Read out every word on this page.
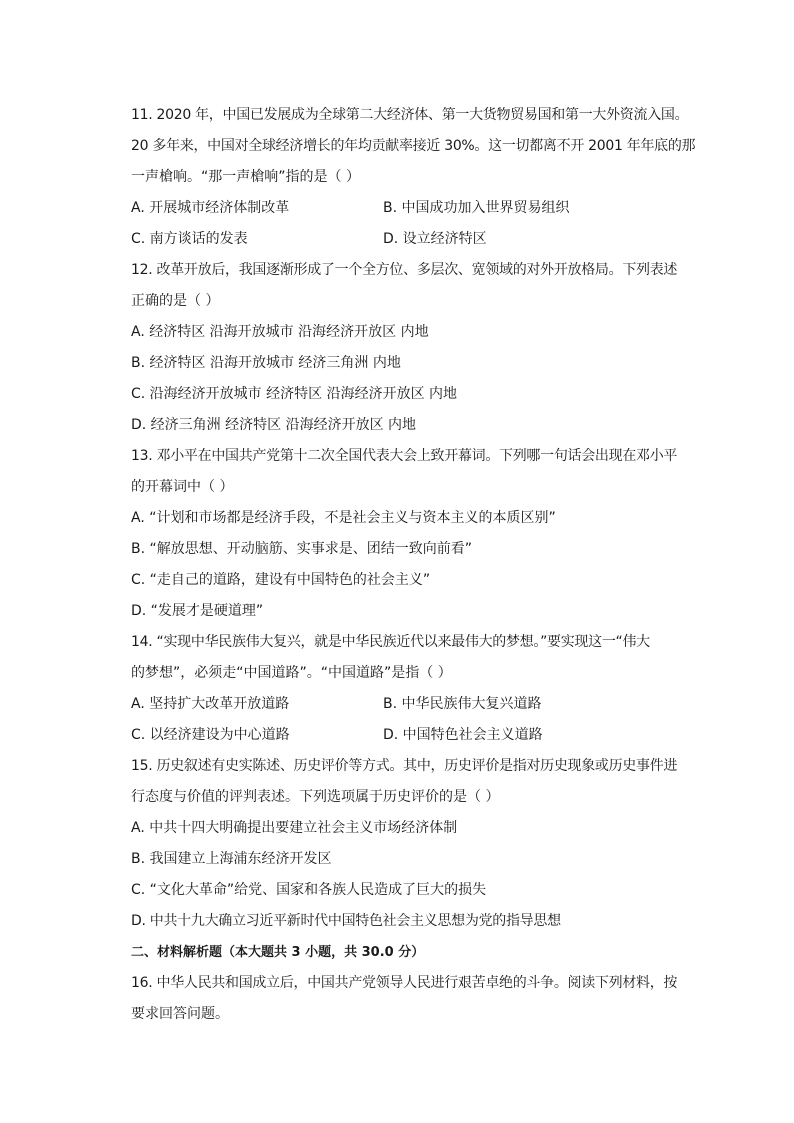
11. 2020 年，中国已发展成为全球第二大经济体、第一大货物贸易国和第一大外资流入国。
20 多年来，中国对全球经济增长的年均贡献率接近 30%。这一切都离不开 2001 年年底的那
一声槍响。“那一声槍响”指的是（ ）
A. 开展城市经济体制改革	B. 中国成功加入世界贸易组织
C. 南方谈话的发表	D. 设立经济特区
12. 改革开放后，我国逐渐形成了一个全方位、多层次、宽领域的对外开放格局。下列表述
正确的是（ ）
A. 经济特区 沿海开放城市 沿海经济开放区 内地
B. 经济特区 沿海开放城市 经济三角洲 内地
C. 沿海经济开放城市 经济特区 沿海经济开放区 内地
D. 经济三角洲 经济特区 沿海经济开放区 内地
13. 邓小平在中国共产党第十二次全国代表大会上致开幕词。下列哪一句话会出现在邓小平
的开幕词中（ ）
A. “计划和市场都是经济手段，不是社会主义与资本主义的本质区别”
B. “解放思想、开动脑筋、实事求是、团结一致向前看”
C. “走自己的道路，建设有中国特色的社会主义”
D. “发展才是硬道理”
14. “实现中华民族伟大复兴，就是中华民族近代以来最伟大的梦想。”要实现这一“伟大
的梦想”，必须走“中国道路”。“中国道路”是指（ ）
A. 坚持扩大改革开放道路	B. 中华民族伟大复兴道路
C. 以经济建设为中心道路	D. 中国特色社会主义道路
15. 历史叙述有史实陈述、历史评价等方式。其中，历史评价是指对历史现象或历史事件进
行态度与价值的评判表述。下列选项属于历史评价的是（ ）
A. 中共十四大明确提出要建立社会主义市场经济体制
B. 我国建立上海浦东经济开发区
C. “文化大革命”给党、国家和各族人民造成了巨大的损失
D. 中共十九大确立习近平新时代中国特色社会主义思想为党的指导思想
二、材料解析题（本大题共 3 小题，共 30.0 分）
16. 中华人民共和国成立后，中国共产党领导人民进行艰苦卓绝的斗争。阅读下列材料，按
要求回答问题。
